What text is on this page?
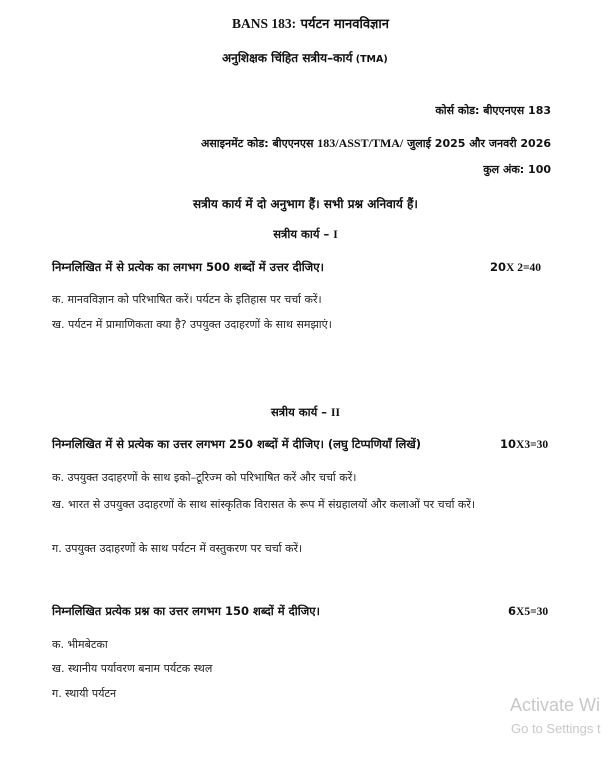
BANS 183: पर्यटन मानवविज्ञान
अनुशिक्षक चिंहित सत्रीय–कार्य (TMA)
कोर्स कोड: बीएएनएस 183
असाइनमेंट कोड: बीएएनएस 183/ASST/TMA/ जुलाई 2025 और जनवरी 2026
कुल अंक: 100
सत्रीय कार्य में दो अनुभाग हैं। सभी प्रश्न अनिवार्य हैं।
सत्रीय कार्य – I
निम्नलिखित में से प्रत्येक का लगभग 500 शब्दों में उत्तर दीजिए।	20X 2=40
क. मानवविज्ञान को परिभाषित करें। पर्यटन के इतिहास पर चर्चा करें।
ख. पर्यटन में प्रामाणिकता क्या है? उपयुक्त उदाहरणों के साथ समझाएं।
सत्रीय कार्य – II
निम्नलिखित में से प्रत्येक का उत्तर लगभग 250 शब्दों में दीजिए। (लघु टिप्पणियाँ लिखें)	10X3=30
क. उपयुक्त उदाहरणों के साथ इको–टूरिज्म को परिभाषित करें और चर्चा करें।
ख. भारत से उपयुक्त उदाहरणों के साथ सांस्कृतिक विरासत के रूप में संग्रहालयों और कलाओं पर चर्चा करें।
ग. उपयुक्त उदाहरणों के साथ पर्यटन में वस्तुकरण पर चर्चा करें।
निम्नलिखित प्रत्येक प्रश्न का उत्तर लगभग 150 शब्दों में दीजिए।	6X5=30
क. भीमबेटका
ख. स्थानीय पर्यावरण बनाम पर्यटक स्थल
ग. स्थायी पर्यटन
Activate Wi
Go to Settings t
